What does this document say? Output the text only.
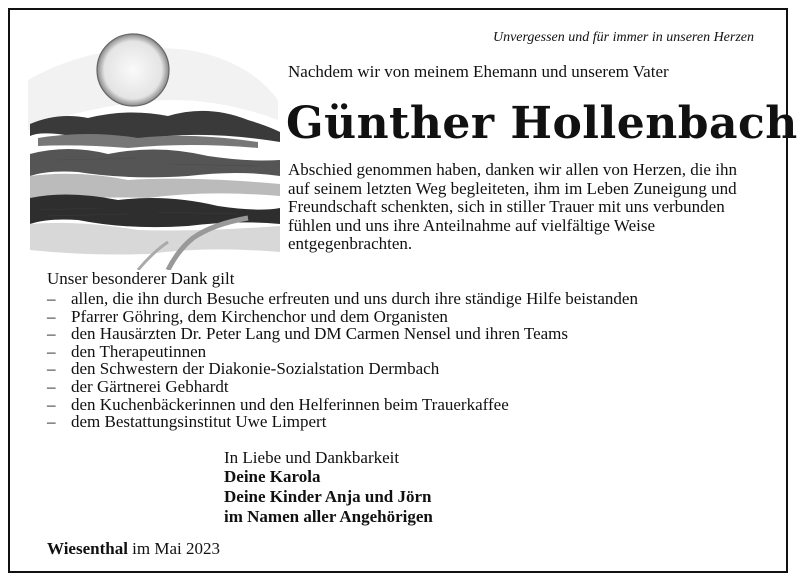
Unvergessen und für immer in unseren Herzen
Nachdem wir von meinem Ehemann und unserem Vater
Günther Hollenbach
Abschied genommen haben, danken wir allen von Herzen, die ihn
auf seinem letzten Weg begleiteten, ihm im Leben Zuneigung und
Freundschaft schenkten, sich in stiller Trauer mit uns verbunden
fühlen und uns ihre Anteilnahme auf vielfältige Weise
entgegenbrachten.
Unser besonderer Dank gilt
– allen, die ihn durch Besuche erfreuten und uns durch ihre ständige Hilfe beistanden
– Pfarrer Göhring, dem Kirchenchor und dem Organisten
– den Hausärzten Dr. Peter Lang und DM Carmen Nensel und ihren Teams
– den Therapeutinnen
– den Schwestern der Diakonie-Sozialstation Dermbach
– der Gärtnerei Gebhardt
– den Kuchenbäckerinnen und den Helferinnen beim Trauerkaffee
– dem Bestattungsinstitut Uwe Limpert
In Liebe und Dankbarkeit
Deine Karola
Deine Kinder Anja und Jörn
im Namen aller Angehörigen
Wiesenthal im Mai 2023
